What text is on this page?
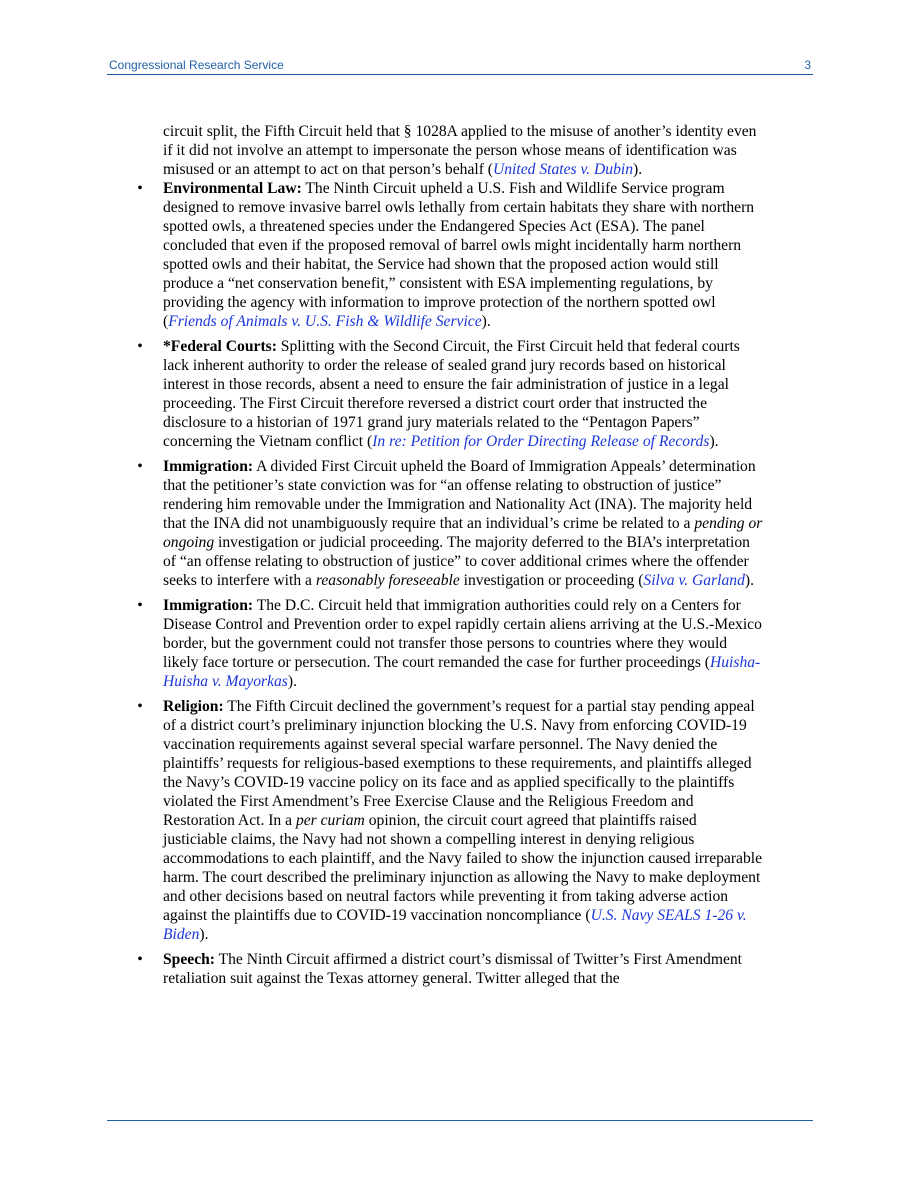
Congressional Research Service	3

circuit split, the Fifth Circuit held that § 1028A applied to the misuse of another’s identity even if it did not involve an attempt to impersonate the person whose means of identification was misused or an attempt to act on that person’s behalf (United States v. Dubin).

• Environmental Law: The Ninth Circuit upheld a U.S. Fish and Wildlife Service program designed to remove invasive barrel owls lethally from certain habitats they share with northern spotted owls, a threatened species under the Endangered Species Act (ESA). The panel concluded that even if the proposed removal of barrel owls might incidentally harm northern spotted owls and their habitat, the Service had shown that the proposed action would still produce a “net conservation benefit,” consistent with ESA implementing regulations, by providing the agency with information to improve protection of the northern spotted owl (Friends of Animals v. U.S. Fish & Wildlife Service).
• *Federal Courts: Splitting with the Second Circuit, the First Circuit held that federal courts lack inherent authority to order the release of sealed grand jury records based on historical interest in those records, absent a need to ensure the fair administration of justice in a legal proceeding. The First Circuit therefore reversed a district court order that instructed the disclosure to a historian of 1971 grand jury materials related to the “Pentagon Papers” concerning the Vietnam conflict (In re: Petition for Order Directing Release of Records).
• Immigration: A divided First Circuit upheld the Board of Immigration Appeals’ determination that the petitioner’s state conviction was for “an offense relating to obstruction of justice” rendering him removable under the Immigration and Nationality Act (INA). The majority held that the INA did not unambiguously require that an individual’s crime be related to a pending or ongoing investigation or judicial proceeding. The majority deferred to the BIA’s interpretation of “an offense relating to obstruction of justice” to cover additional crimes where the offender seeks to interfere with a reasonably foreseeable investigation or proceeding (Silva v. Garland).
• Immigration: The D.C. Circuit held that immigration authorities could rely on a Centers for Disease Control and Prevention order to expel rapidly certain aliens arriving at the U.S.-Mexico border, but the government could not transfer those persons to countries where they would likely face torture or persecution. The court remanded the case for further proceedings (Huisha-Huisha v. Mayorkas).
• Religion: The Fifth Circuit declined the government’s request for a partial stay pending appeal of a district court’s preliminary injunction blocking the U.S. Navy from enforcing COVID-19 vaccination requirements against several special warfare personnel. The Navy denied the plaintiffs’ requests for religious-based exemptions to these requirements, and plaintiffs alleged the Navy’s COVID-19 vaccine policy on its face and as applied specifically to the plaintiffs violated the First Amendment’s Free Exercise Clause and the Religious Freedom and Restoration Act. In a per curiam opinion, the circuit court agreed that plaintiffs raised justiciable claims, the Navy had not shown a compelling interest in denying religious accommodations to each plaintiff, and the Navy failed to show the injunction caused irreparable harm. The court described the preliminary injunction as allowing the Navy to make deployment and other decisions based on neutral factors while preventing it from taking adverse action against the plaintiffs due to COVID-19 vaccination noncompliance (U.S. Navy SEALS 1-26 v. Biden).
• Speech: The Ninth Circuit affirmed a district court’s dismissal of Twitter’s First Amendment retaliation suit against the Texas attorney general. Twitter alleged that the
